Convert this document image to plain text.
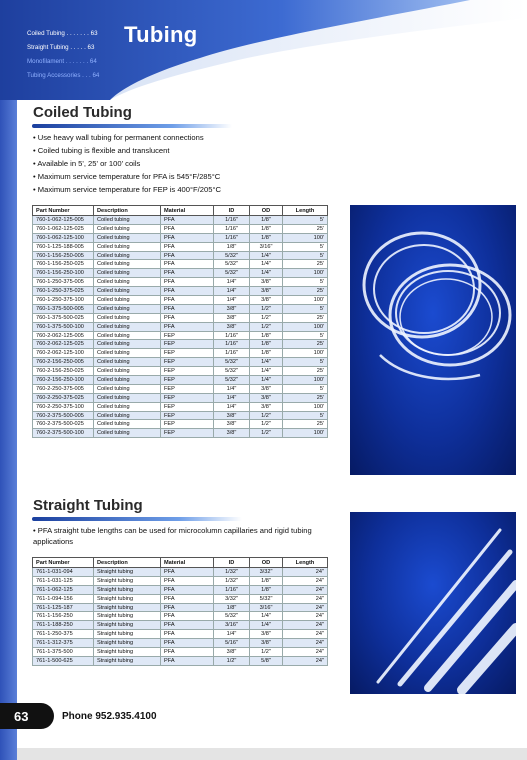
Coiled Tubing . . . . . . . 63
Straight Tubing . . . . . 63
Monofilament . . . . . . . 64
Tubing Accessories . . . 64
Tubing
Coiled Tubing
• Use heavy wall tubing for permanent connections
• Coiled tubing is flexible and translucent
• Available in 5', 25' or 100' coils
• Maximum service temperature for PFA is 545°F/285°C
• Maximum service temperature for FEP is 400°F/205°C
Part Number	Description	Material	ID	OD	Length
760-1-062-125-005	Coiled tubing	PFA	1/16"	1/8"	5'
760-1-062-125-025	Coiled tubing	PFA	1/16"	1/8"	25'
760-1-062-125-100	Coiled tubing	PFA	1/16"	1/8"	100'
760-1-125-188-005	Coiled tubing	PFA	1/8"	3/16"	5'
760-1-156-250-005	Coiled tubing	PFA	5/32"	1/4"	5'
760-1-156-250-025	Coiled tubing	PFA	5/32"	1/4"	25'
760-1-156-250-100	Coiled tubing	PFA	5/32"	1/4"	100'
760-1-250-375-005	Coiled tubing	PFA	1/4"	3/8"	5'
760-1-250-375-025	Coiled tubing	PFA	1/4"	3/8"	25'
760-1-250-375-100	Coiled tubing	PFA	1/4"	3/8"	100'
760-1-375-500-005	Coiled tubing	PFA	3/8"	1/2"	5'
760-1-375-500-025	Coiled tubing	PFA	3/8"	1/2"	25'
760-1-375-500-100	Coiled tubing	PFA	3/8"	1/2"	100'
760-2-062-125-005	Coiled tubing	FEP	1/16"	1/8"	5'
760-2-062-125-025	Coiled tubing	FEP	1/16"	1/8"	25'
760-2-062-125-100	Coiled tubing	FEP	1/16"	1/8"	100'
760-2-156-250-005	Coiled tubing	FEP	5/32"	1/4"	5'
760-2-156-250-025	Coiled tubing	FEP	5/32"	1/4"	25'
760-2-156-250-100	Coiled tubing	FEP	5/32"	1/4"	100'
760-2-250-375-005	Coiled tubing	FEP	1/4"	3/8"	5'
760-2-250-375-025	Coiled tubing	FEP	1/4"	3/8"	25'
760-2-250-375-100	Coiled tubing	FEP	1/4"	3/8"	100'
760-2-375-500-005	Coiled tubing	FEP	3/8"	1/2"	5'
760-2-375-500-025	Coiled tubing	FEP	3/8"	1/2"	25'
760-2-375-500-100	Coiled tubing	FEP	3/8"	1/2"	100'
Straight Tubing
• PFA straight tube lengths can be used for microcolumn capillaries and rigid tubing applications
Part Number	Description	Material	ID	OD	Length
761-1-031-094	Straight tubing	PFA	1/32"	3/32"	24"
761-1-031-125	Straight tubing	PFA	1/32"	1/8"	24"
761-1-062-125	Straight tubing	PFA	1/16"	1/8"	24"
761-1-094-156	Straight tubing	PFA	3/32"	5/32"	24"
761-1-125-187	Straight tubing	PFA	1/8"	3/16"	24"
761-1-156-250	Straight tubing	PFA	5/32"	1/4"	24"
761-1-188-250	Straight tubing	PFA	3/16"	1/4"	24"
761-1-250-375	Straight tubing	PFA	1/4"	3/8"	24"
761-1-312-375	Straight tubing	PFA	5/16"	3/8"	24"
761-1-375-500	Straight tubing	PFA	3/8"	1/2"	24"
761-1-500-625	Straight tubing	PFA	1/2"	5/8"	24"
63	Phone 952.935.4100
